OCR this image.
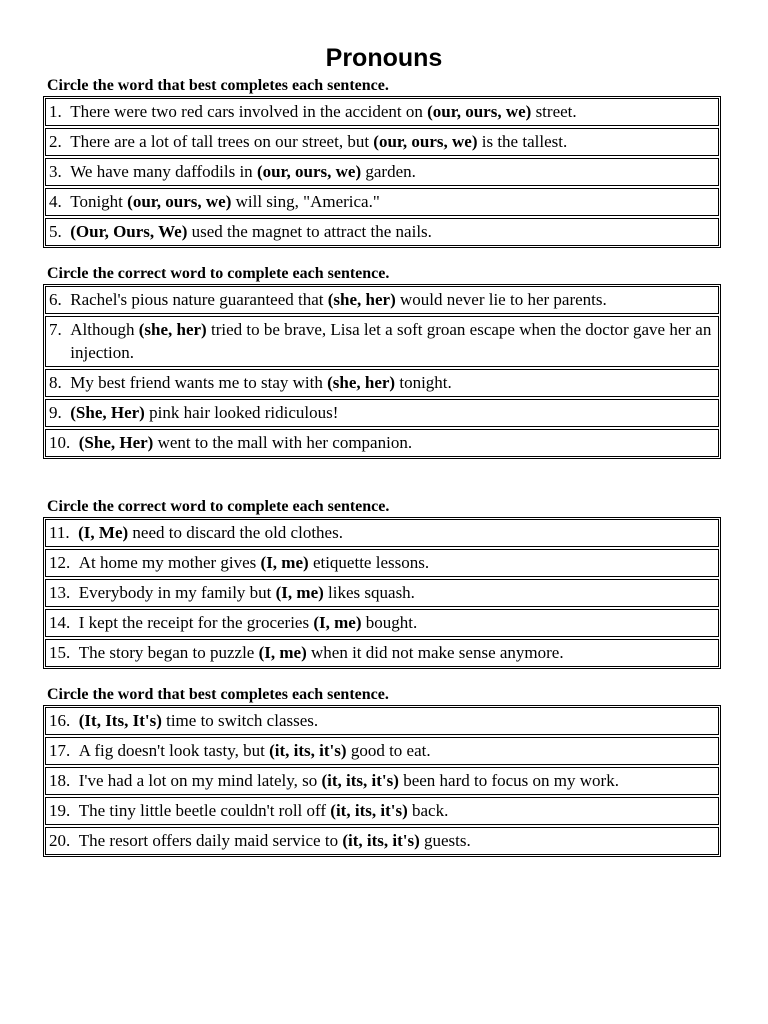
Pronouns
Circle the word that best completes each sentence.
1. There were two red cars involved in the accident on (our, ours, we) street.
2. There are a lot of tall trees on our street, but (our, ours, we) is the tallest.
3. We have many daffodils in (our, ours, we) garden.
4. Tonight (our, ours, we) will sing, "America."
5. (Our, Ours, We) used the magnet to attract the nails.
Circle the correct word to complete each sentence.
6. Rachel's pious nature guaranteed that (she, her) would never lie to her parents.
7. Although (she, her) tried to be brave, Lisa let a soft groan escape when the doctor gave her an injection.
8. My best friend wants me to stay with (she, her) tonight.
9. (She, Her) pink hair looked ridiculous!
10. (She, Her) went to the mall with her companion.
Circle the correct word to complete each sentence.
11. (I, Me) need to discard the old clothes.
12. At home my mother gives (I, me) etiquette lessons.
13. Everybody in my family but (I, me) likes squash.
14. I kept the receipt for the groceries (I, me) bought.
15. The story began to puzzle (I, me) when it did not make sense anymore.
Circle the word that best completes each sentence.
16. (It, Its, It's) time to switch classes.
17. A fig doesn't look tasty, but (it, its, it's) good to eat.
18. I've had a lot on my mind lately, so (it, its, it's) been hard to focus on my work.
19. The tiny little beetle couldn't roll off (it, its, it's) back.
20. The resort offers daily maid service to (it, its, it's) guests.
